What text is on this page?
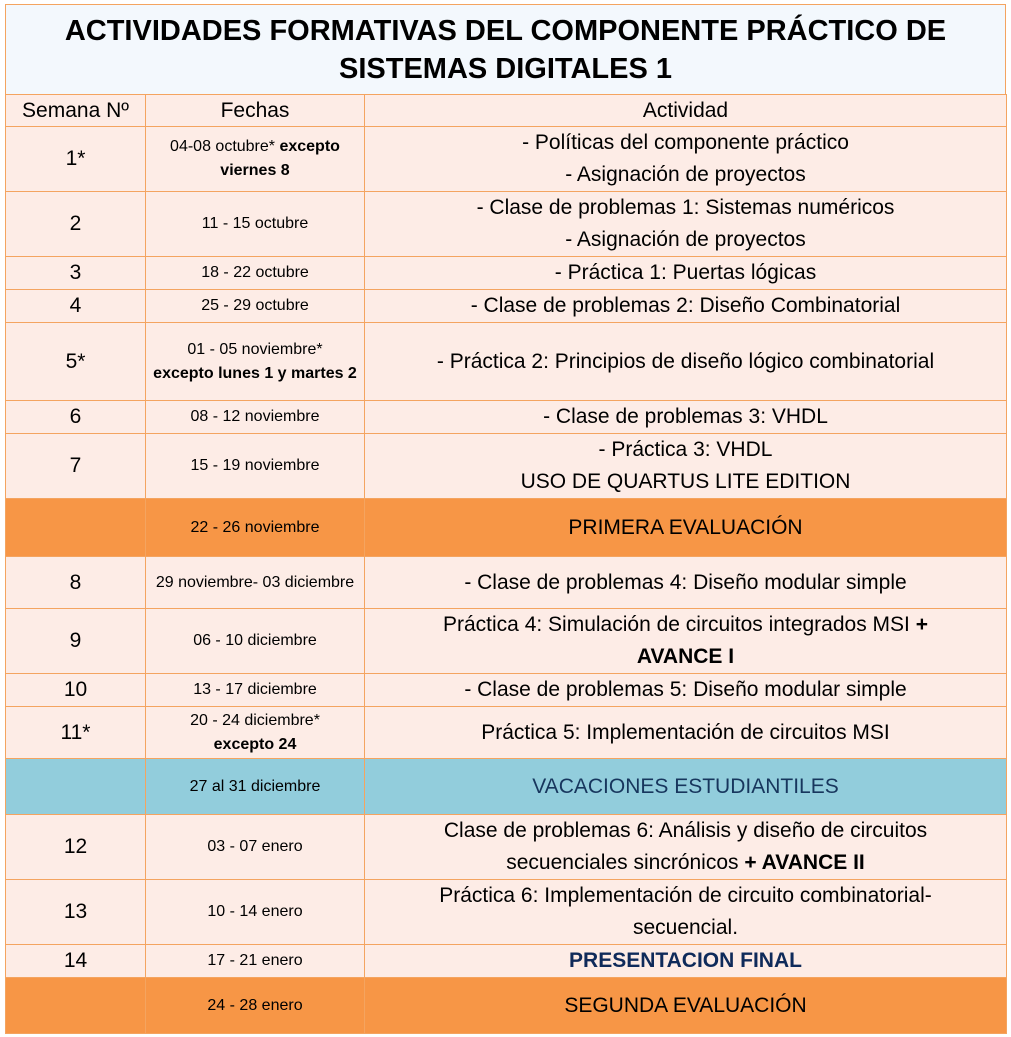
ACTIVIDADES FORMATIVAS DEL COMPONENTE PRÁCTICO DE
SISTEMAS DIGITALES 1
Semana Nº	Fechas	Actividad
1*	04-08 octubre* excepto viernes 8	- Políticas del componente práctico
- Asignación de proyectos

2	11 - 15 octubre	- Clase de problemas 1: Sistemas numéricos
- Asignación de proyectos

3	18 - 22 octubre	- Práctica 1: Puertas lógicas
4	25 - 29 octubre	- Clase de problemas 2: Diseño Combinatorial
5*	01 - 05 noviembre*
excepto lunes 1 y martes 2	- Práctica 2: Principios de diseño lógico combinatorial
6	08 - 12 noviembre	- Clase de problemas 3: VHDL
7	15 - 19 noviembre	- Práctica 3: VHDL
USO DE QUARTUS LITE EDITION

	22 - 26 noviembre	PRIMERA EVALUACIÓN
8	29 noviembre- 03 diciembre	- Clase de problemas 4: Diseño modular simple
9	06 - 10 diciembre	Práctica 4: Simulación de circuitos integrados MSI +
AVANCE I
10	13 - 17 diciembre	- Clase de problemas 5: Diseño modular simple
11*	20 - 24 diciembre*
excepto 24	Práctica 5: Implementación de circuitos MSI
	27 al 31 diciembre	VACACIONES ESTUDIANTILES
12	03 - 07 enero	Clase de problemas 6: Análisis y diseño de circuitos
secuenciales sincrónicos + AVANCE II

13	10 - 14 enero	Práctica 6: Implementación de circuito combinatorial-
secuencial.

14	17 - 21 enero	PRESENTACION FINAL
	24 - 28 enero	SEGUNDA EVALUACIÓN
